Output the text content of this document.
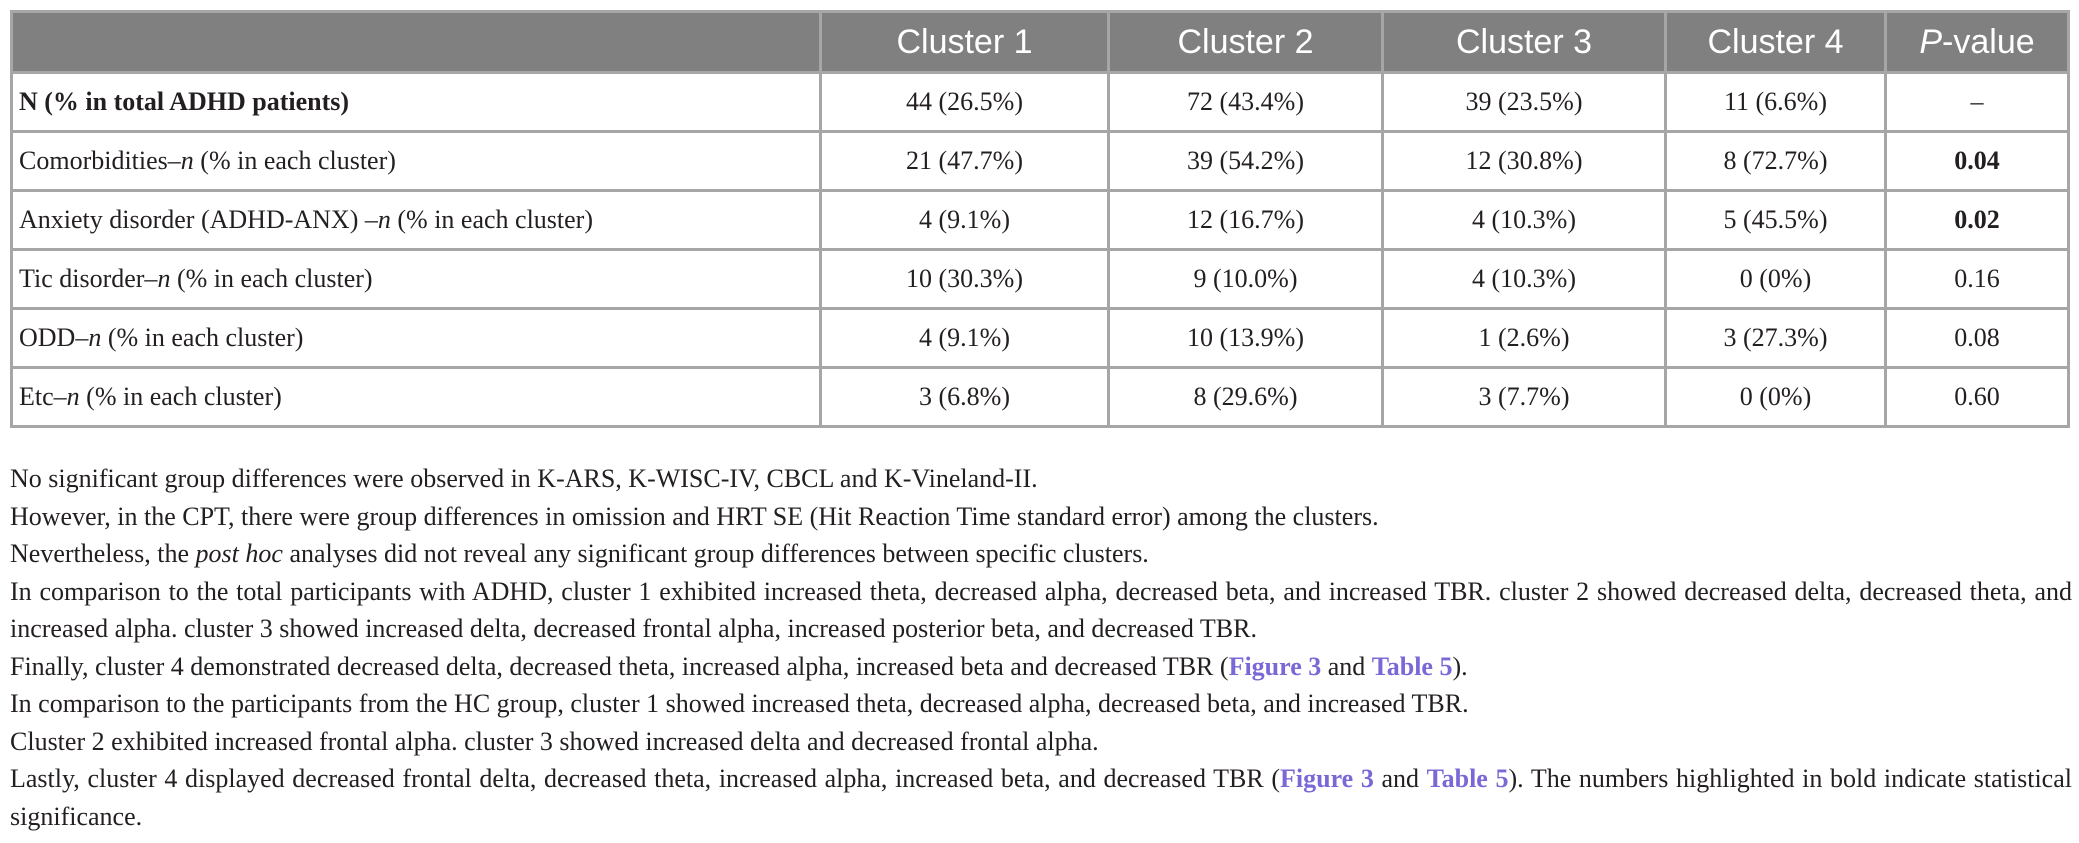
	Cluster 1	Cluster 2	Cluster 3	Cluster 4	P-value
N (% in total ADHD patients)	44 (26.5%)	72 (43.4%)	39 (23.5%)	11 (6.6%)	–
Comorbidities–n (% in each cluster)	21 (47.7%)	39 (54.2%)	12 (30.8%)	8 (72.7%)	0.04
Anxiety disorder (ADHD-ANX) –n (% in each cluster)	4 (9.1%)	12 (16.7%)	4 (10.3%)	5 (45.5%)	0.02
Tic disorder–n (% in each cluster)	10 (30.3%)	9 (10.0%)	4 (10.3%)	0 (0%)	0.16
ODD–n (% in each cluster)	4 (9.1%)	10 (13.9%)	1 (2.6%)	3 (27.3%)	0.08
Etc–n (% in each cluster)	3 (6.8%)	8 (29.6%)	3 (7.7%)	0 (0%)	0.60

No significant group differences were observed in K-ARS, K-WISC-IV, CBCL and K-Vineland-II.

However, in the CPT, there were group differences in omission and HRT SE (Hit Reaction Time standard error) among the clusters.

Nevertheless, the post hoc analyses did not reveal any significant group differences between specific clusters.

In comparison to the total participants with ADHD, cluster 1 exhibited increased theta, decreased alpha, decreased beta, and increased TBR. cluster 2 showed decreased delta, decreased theta, and increased alpha. cluster 3 showed increased delta, decreased frontal alpha, increased posterior beta, and decreased TBR.

Finally, cluster 4 demonstrated decreased delta, decreased theta, increased alpha, increased beta and decreased TBR (Figure 3 and Table 5).

In comparison to the participants from the HC group, cluster 1 showed increased theta, decreased alpha, decreased beta, and increased TBR.

Cluster 2 exhibited increased frontal alpha. cluster 3 showed increased delta and decreased frontal alpha.

Lastly, cluster 4 displayed decreased frontal delta, decreased theta, increased alpha, increased beta, and decreased TBR (Figure 3 and Table 5). The numbers highlighted in bold indicate statistical significance.
